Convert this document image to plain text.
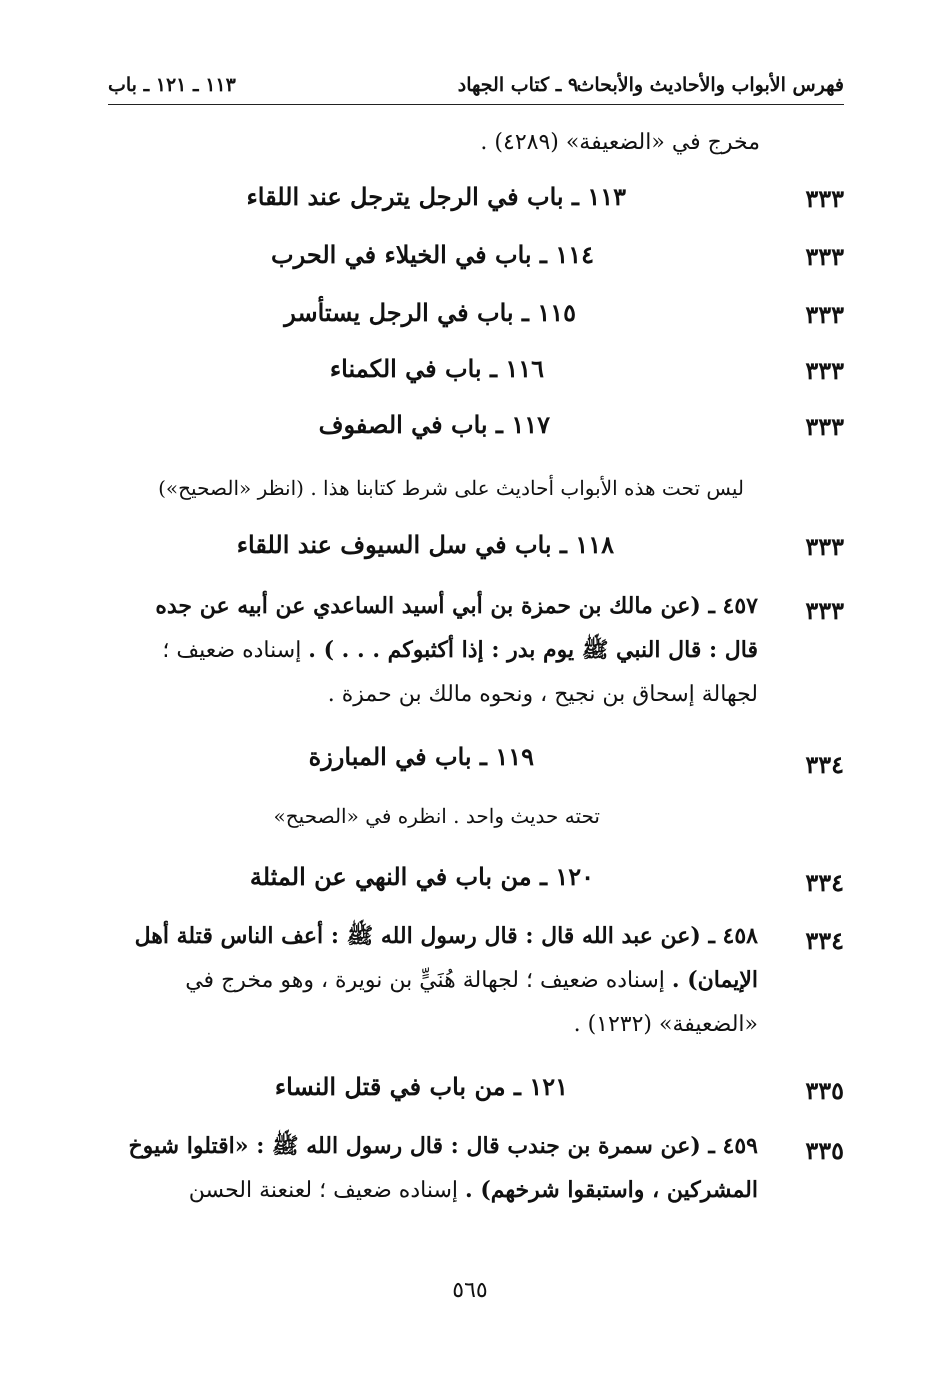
فهرس الأبواب والأحاديث والأبحاث
٩ ـ كتاب الجهاد
١١٣ ـ ١٢١ ـ باب
مخرج في «الضعيفة» (٤٢٨٩) .
٣٣٣
١١٣ ـ باب في الرجل يترجل عند اللقاء
٣٣٣
١١٤ ـ باب في الخيلاء في الحرب
٣٣٣
١١٥ ـ باب في الرجل يستأسر
٣٣٣
١١٦ ـ باب في الكمناء
٣٣٣
١١٧ ـ باب في الصفوف
ليس تحت هذه الأبواب أحاديث على شرط كتابنا هذا . (انظر «الصحيح»)
٣٣٣
١١٨ ـ باب في سل السيوف عند اللقاء
٣٣٣
٤٥٧ ـ (عن مالك بن حمزة بن أبي أسيد الساعدي عن أبيه عن جده
قال : قال النبي ﷺ يوم بدر : إذا أكثبوكم . . . ) . إسناده ضعيف ؛
لجهالة إسحاق بن نجيح ، ونحوه مالك بن حمزة .
٣٣٤
١١٩ ـ باب في المبارزة
تحته حديث واحد . انظره في «الصحيح»
٣٣٤
١٢٠ ـ من باب في النهي عن المثلة
٣٣٤
٤٥٨ ـ (عن عبد الله قال : قال رسول الله ﷺ : أعف الناس قتلة أهل
الإيمان) . إسناده ضعيف ؛ لجهالة هُنَيٍّ بن نويرة ، وهو مخرج في
«الضعيفة» (١٢٣٢) .
٣٣٥
١٢١ ـ من باب في قتل النساء
٣٣٥
٤٥٩ ـ (عن سمرة بن جندب قال : قال رسول الله ﷺ : «اقتلوا شيوخ
المشركين ، واستبقوا شرخهم) . إسناده ضعيف ؛ لعنعنة الحسن
٥٦٥
